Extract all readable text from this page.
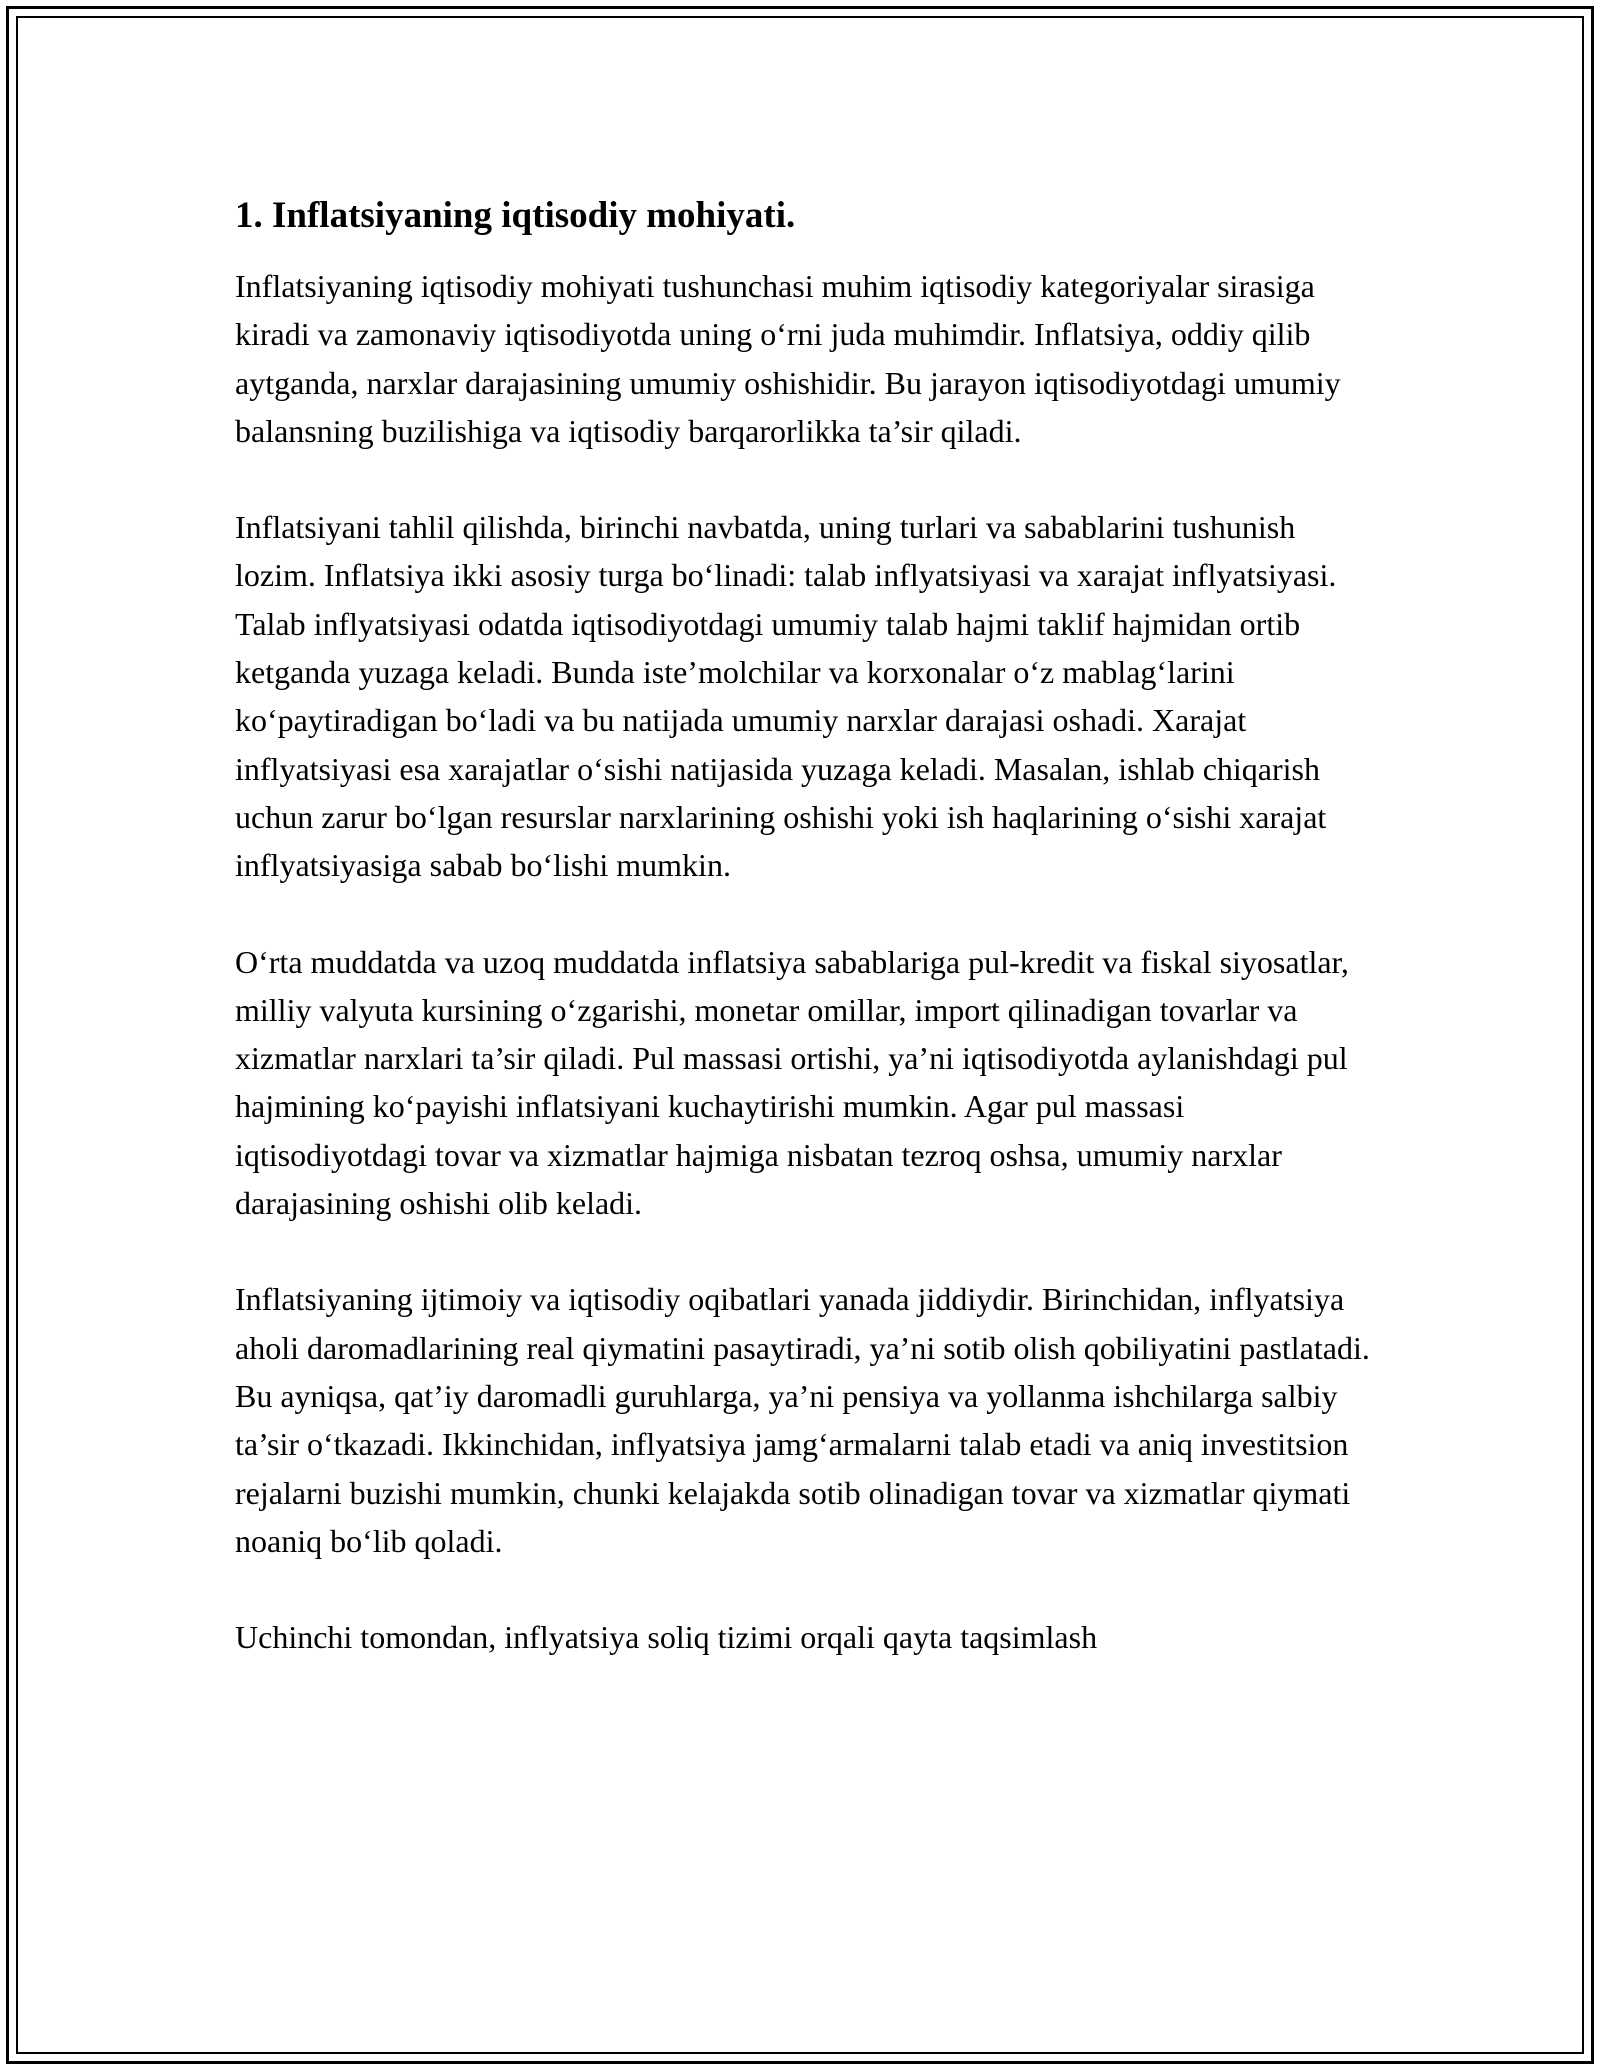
1. Inflatsiyaning iqtisodiy mohiyati.

Inflatsiyaning iqtisodiy mohiyati tushunchasi muhim iqtisodiy kategoriyalar sirasiga kiradi va zamonaviy iqtisodiyotda uning o‘rni juda muhimdir. Inflatsiya, oddiy qilib aytganda, narxlar darajasining umumiy oshishidir. Bu jarayon iqtisodiyotdagi umumiy balansning buzilishiga va iqtisodiy barqarorlikka ta’sir qiladi.

Inflatsiyani tahlil qilishda, birinchi navbatda, uning turlari va sabablarini tushunish lozim. Inflatsiya ikki asosiy turga bo‘linadi: talab inflyatsiyasi va xarajat inflyatsiyasi. Talab inflyatsiyasi odatda iqtisodiyotdagi umumiy talab hajmi taklif hajmidan ortib ketganda yuzaga keladi. Bunda iste’molchilar va korxonalar o‘z mablag‘larini ko‘paytiradigan bo‘ladi va bu natijada umumiy narxlar darajasi oshadi. Xarajat inflyatsiyasi esa xarajatlar o‘sishi natijasida yuzaga keladi. Masalan, ishlab chiqarish uchun zarur bo‘lgan resurslar narxlarining oshishi yoki ish haqlarining o‘sishi xarajat inflyatsiyasiga sabab bo‘lishi mumkin.

O‘rta muddatda va uzoq muddatda inflatsiya sabablariga pul-kredit va fiskal siyosatlar, milliy valyuta kursining o‘zgarishi, monetar omillar, import qilinadigan tovarlar va xizmatlar narxlari ta’sir qiladi. Pul massasi ortishi, ya’ni iqtisodiyotda aylanishdagi pul hajmining ko‘payishi inflatsiyani kuchaytirishi mumkin. Agar pul massasi iqtisodiyotdagi tovar va xizmatlar hajmiga nisbatan tezroq oshsa, umumiy narxlar darajasining oshishi olib keladi.

Inflatsiyaning ijtimoiy va iqtisodiy oqibatlari yanada jiddiydir. Birinchidan, inflyatsiya aholi daromadlarining real qiymatini pasaytiradi, ya’ni sotib olish qobiliyatini pastlatadi. Bu ayniqsa, qat’iy daromadli guruhlarga, ya’ni pensiya va yollanma ishchilarga salbiy ta’sir o‘tkazadi. Ikkinchidan, inflyatsiya jamg‘armalarni talab etadi va aniq investitsion rejalarni buzishi mumkin, chunki kelajakda sotib olinadigan tovar va xizmatlar qiymati noaniq bo‘lib qoladi.

Uchinchi tomondan, inflyatsiya soliq tizimi orqali qayta taqsimlash
